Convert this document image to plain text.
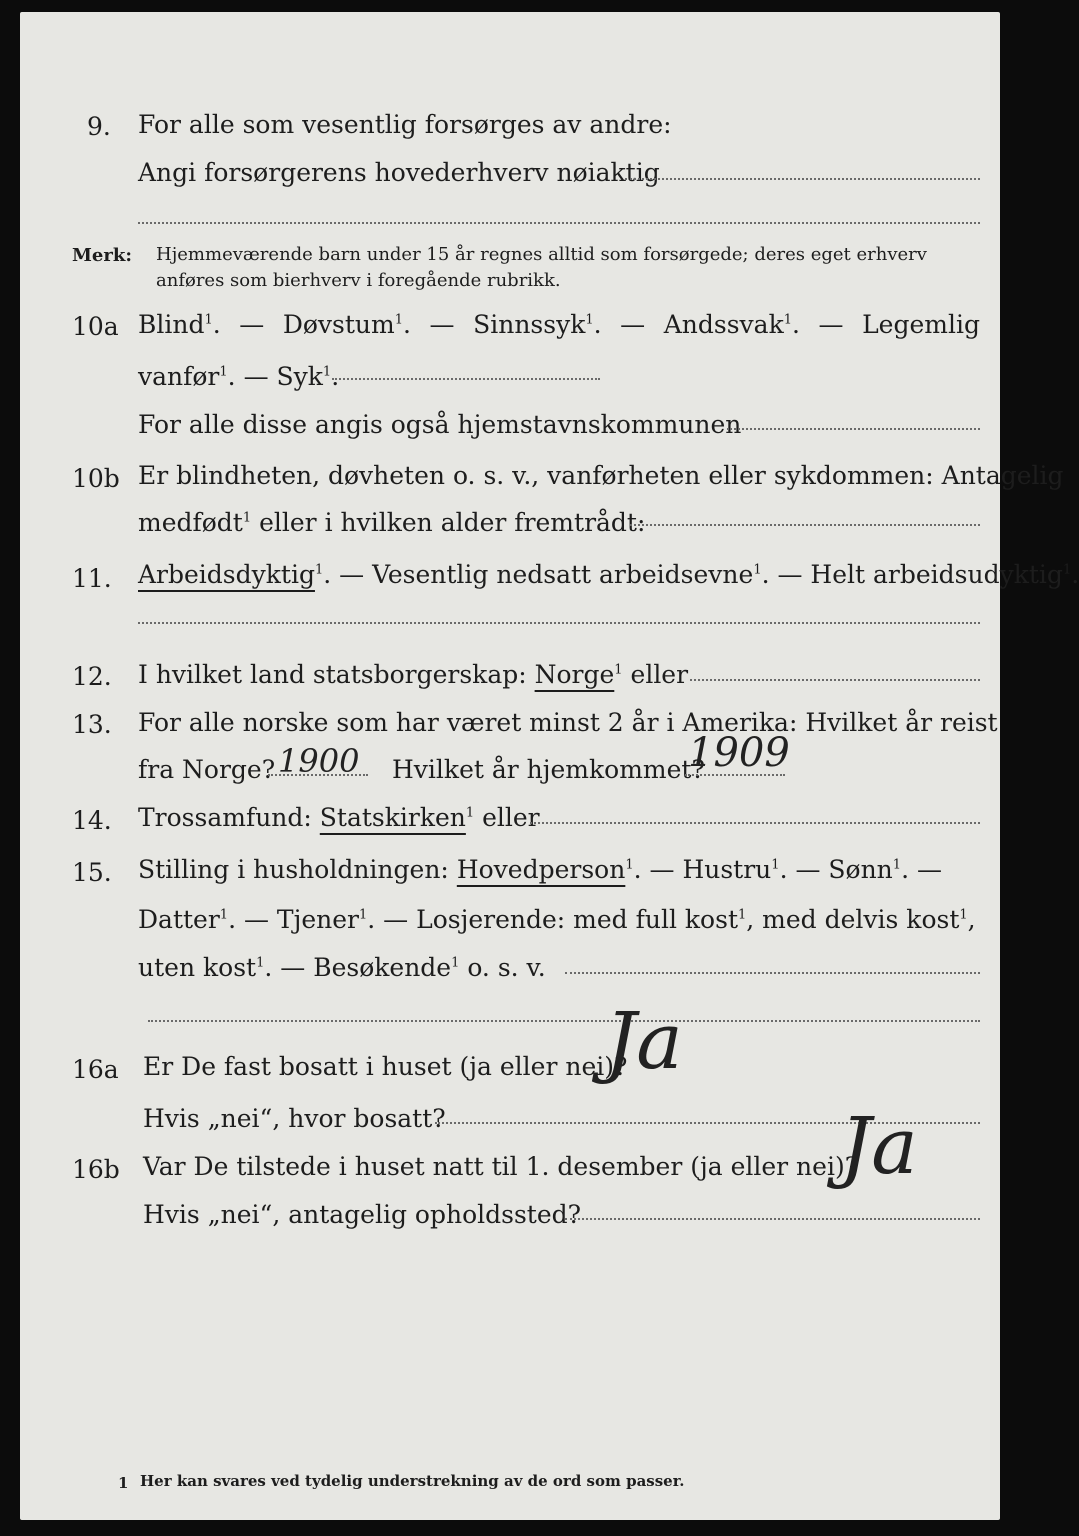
9. For alle som vesentlig forsørges av andre:
Angi forsørgerens hovederhverv nøiaktig
Merk: Hjemmeværende barn under 15 år regnes alltid som forsørgede; deres eget erhverv
anføres som bierhverv i foregående rubrikk.
10a Blind$^1$. — Døvstum$^1$. — Sinnssyk$^1$. — Andssvak$^1$. — Legemlig
vanfør$^1$. — Syk$^1$.
For alle disse angis også hjemstavnskommunen
10b Er blindheten, døvheten o. s. v., vanførheten eller sykdommen: Antagelig
medfødt$^1$ eller i hvilken alder fremtrådt:
11. Arbeidsdyktig$^1$. — Vesentlig nedsatt arbeidsevne$^1$. — Helt arbeidsudyktig$^1$.
12. I hvilket land statsborgerskap: Norge$^1$ eller
13. For alle norske som har været minst 2 år i Amerika: Hvilket år reist
fra Norge? 1900 Hvilket år hjemkommet?
1909
14. Trossamfund: Statskirken$^1$ eller
15. Stilling i husholdningen: Hovedperson$^1$. — Hustru$^1$. — Sønn$^1$. —
Datter$^1$. — Tjener$^1$. — Losjerende: med full kost$^1$, med delvis kost$^1$,
uten kost$^1$. — Besøkende$^1$ o. s. v.
16a Er De fast bosatt i huset (ja eller nei)?
Ja
Hvis „nei“, hvor bosatt?
16b Var De tilstede i huset natt til 1. desember (ja eller nei)?
Ja
Hvis „nei“, antagelig opholdssted?
1 Her kan svares ved tydelig understrekning av de ord som passer.
